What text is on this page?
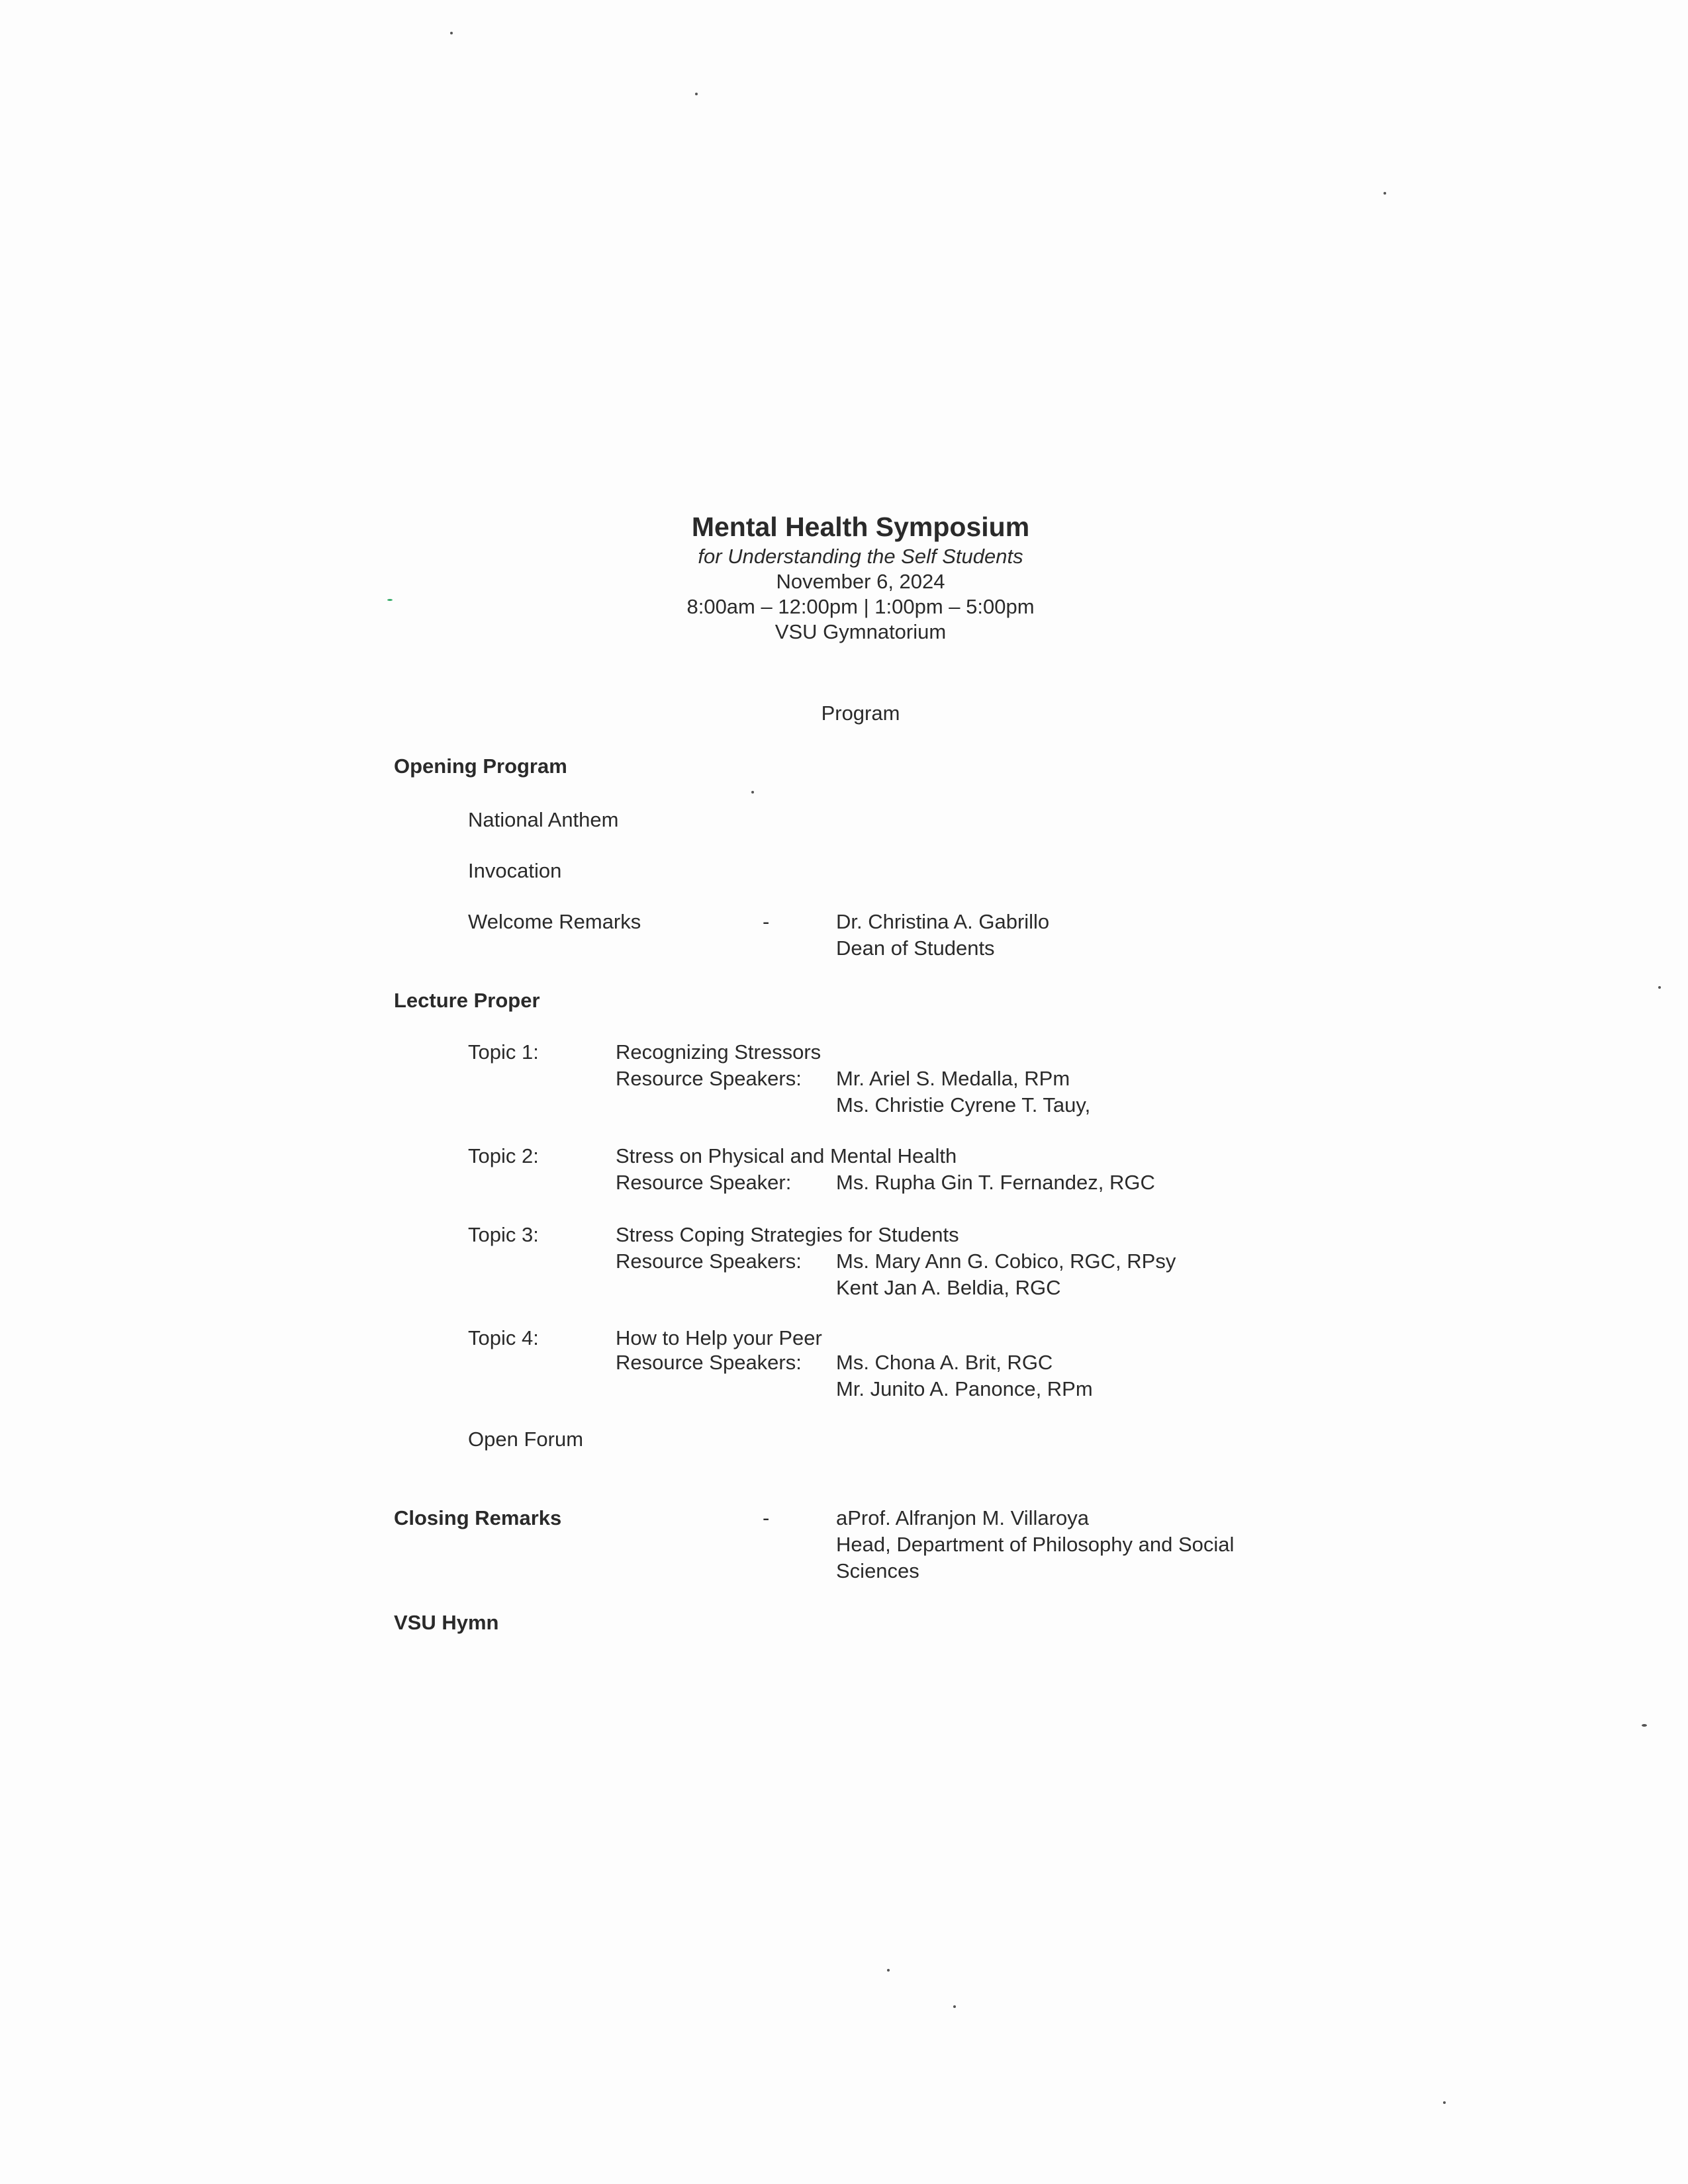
Mental Health Symposium
for Understanding the Self Students
November 6, 2024
8:00am – 12:00pm | 1:00pm – 5:00pm
VSU Gymnatorium
Program
Opening Program
National Anthem
Invocation
Welcome Remarks	-	Dr. Christina A. Gabrillo
Dean of Students
Lecture Proper
Topic 1:	Recognizing Stressors
Resource Speakers: Mr. Ariel S. Medalla, RPm
Ms. Christie Cyrene T. Tauy,
Topic 2:	Stress on Physical and Mental Health
Resource Speaker: Ms. Rupha Gin T. Fernandez, RGC
Topic 3:	Stress Coping Strategies for Students
Resource Speakers: Ms. Mary Ann G. Cobico, RGC, RPsy
Kent Jan A. Beldia, RGC
Topic 4:	How to Help your Peer
Resource Speakers: Ms. Chona A. Brit, RGC
Mr. Junito A. Panonce, RPm
Open Forum
Closing Remarks	-	aProf. Alfranjon M. Villaroya
Head, Department of Philosophy and Social
Sciences
VSU Hymn
